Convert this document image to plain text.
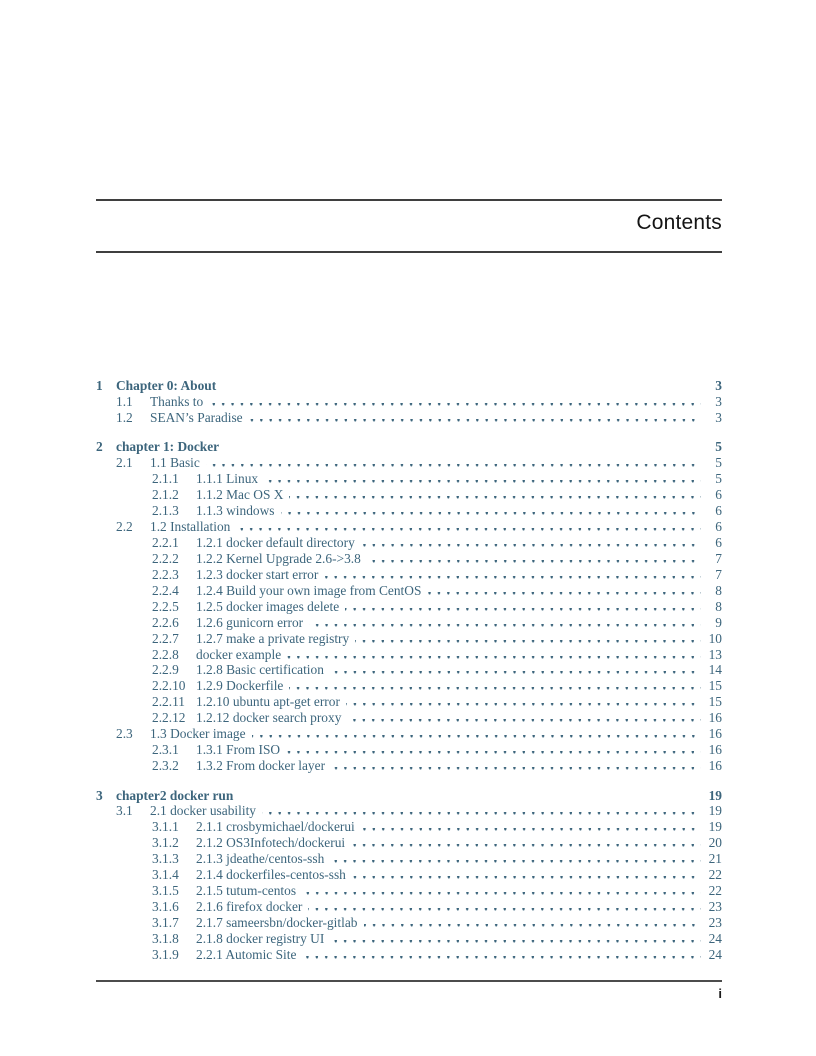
Contents
1 Chapter 0: About	3
1.1	Thanks to	3
1.2	SEAN’s Paradise	3
2 chapter 1: Docker	5
2.1	1.1 Basic	5
2.1.1	1.1.1 Linux	5
2.1.2	1.1.2 Mac OS X	6
2.1.3	1.1.3 windows	6
2.2	1.2 Installation	6
2.2.1	1.2.1 docker default directory	6
2.2.2	1.2.2 Kernel Upgrade 2.6->3.8	7
2.2.3	1.2.3 docker start error	7
2.2.4	1.2.4 Build your own image from CentOS	8
2.2.5	1.2.5 docker images delete	8
2.2.6	1.2.6 gunicorn error	9
2.2.7	1.2.7 make a private registry	10
2.2.8	docker example	13
2.2.9	1.2.8 Basic certification	14
2.2.10 1.2.9 Dockerfile	15
2.2.11 1.2.10 ubuntu apt-get error	15
2.2.12 1.2.12 docker search proxy	16
2.3	1.3 Docker image	16
2.3.1	1.3.1 From ISO	16
2.3.2	1.3.2 From docker layer	16
3 chapter2 docker run	19
3.1	2.1 docker usability	19
3.1.1	2.1.1 crosbymichael/dockerui	19
3.1.2	2.1.2 OS3Infotech/dockerui	20
3.1.3	2.1.3 jdeathe/centos-ssh	21
3.1.4	2.1.4 dockerfiles-centos-ssh	22
3.1.5	2.1.5 tutum-centos	22
3.1.6	2.1.6 firefox docker	23
3.1.7	2.1.7 sameersbn/docker-gitlab	23
3.1.8	2.1.8 docker registry UI	24
3.1.9	2.2.1 Automic Site	24
i
